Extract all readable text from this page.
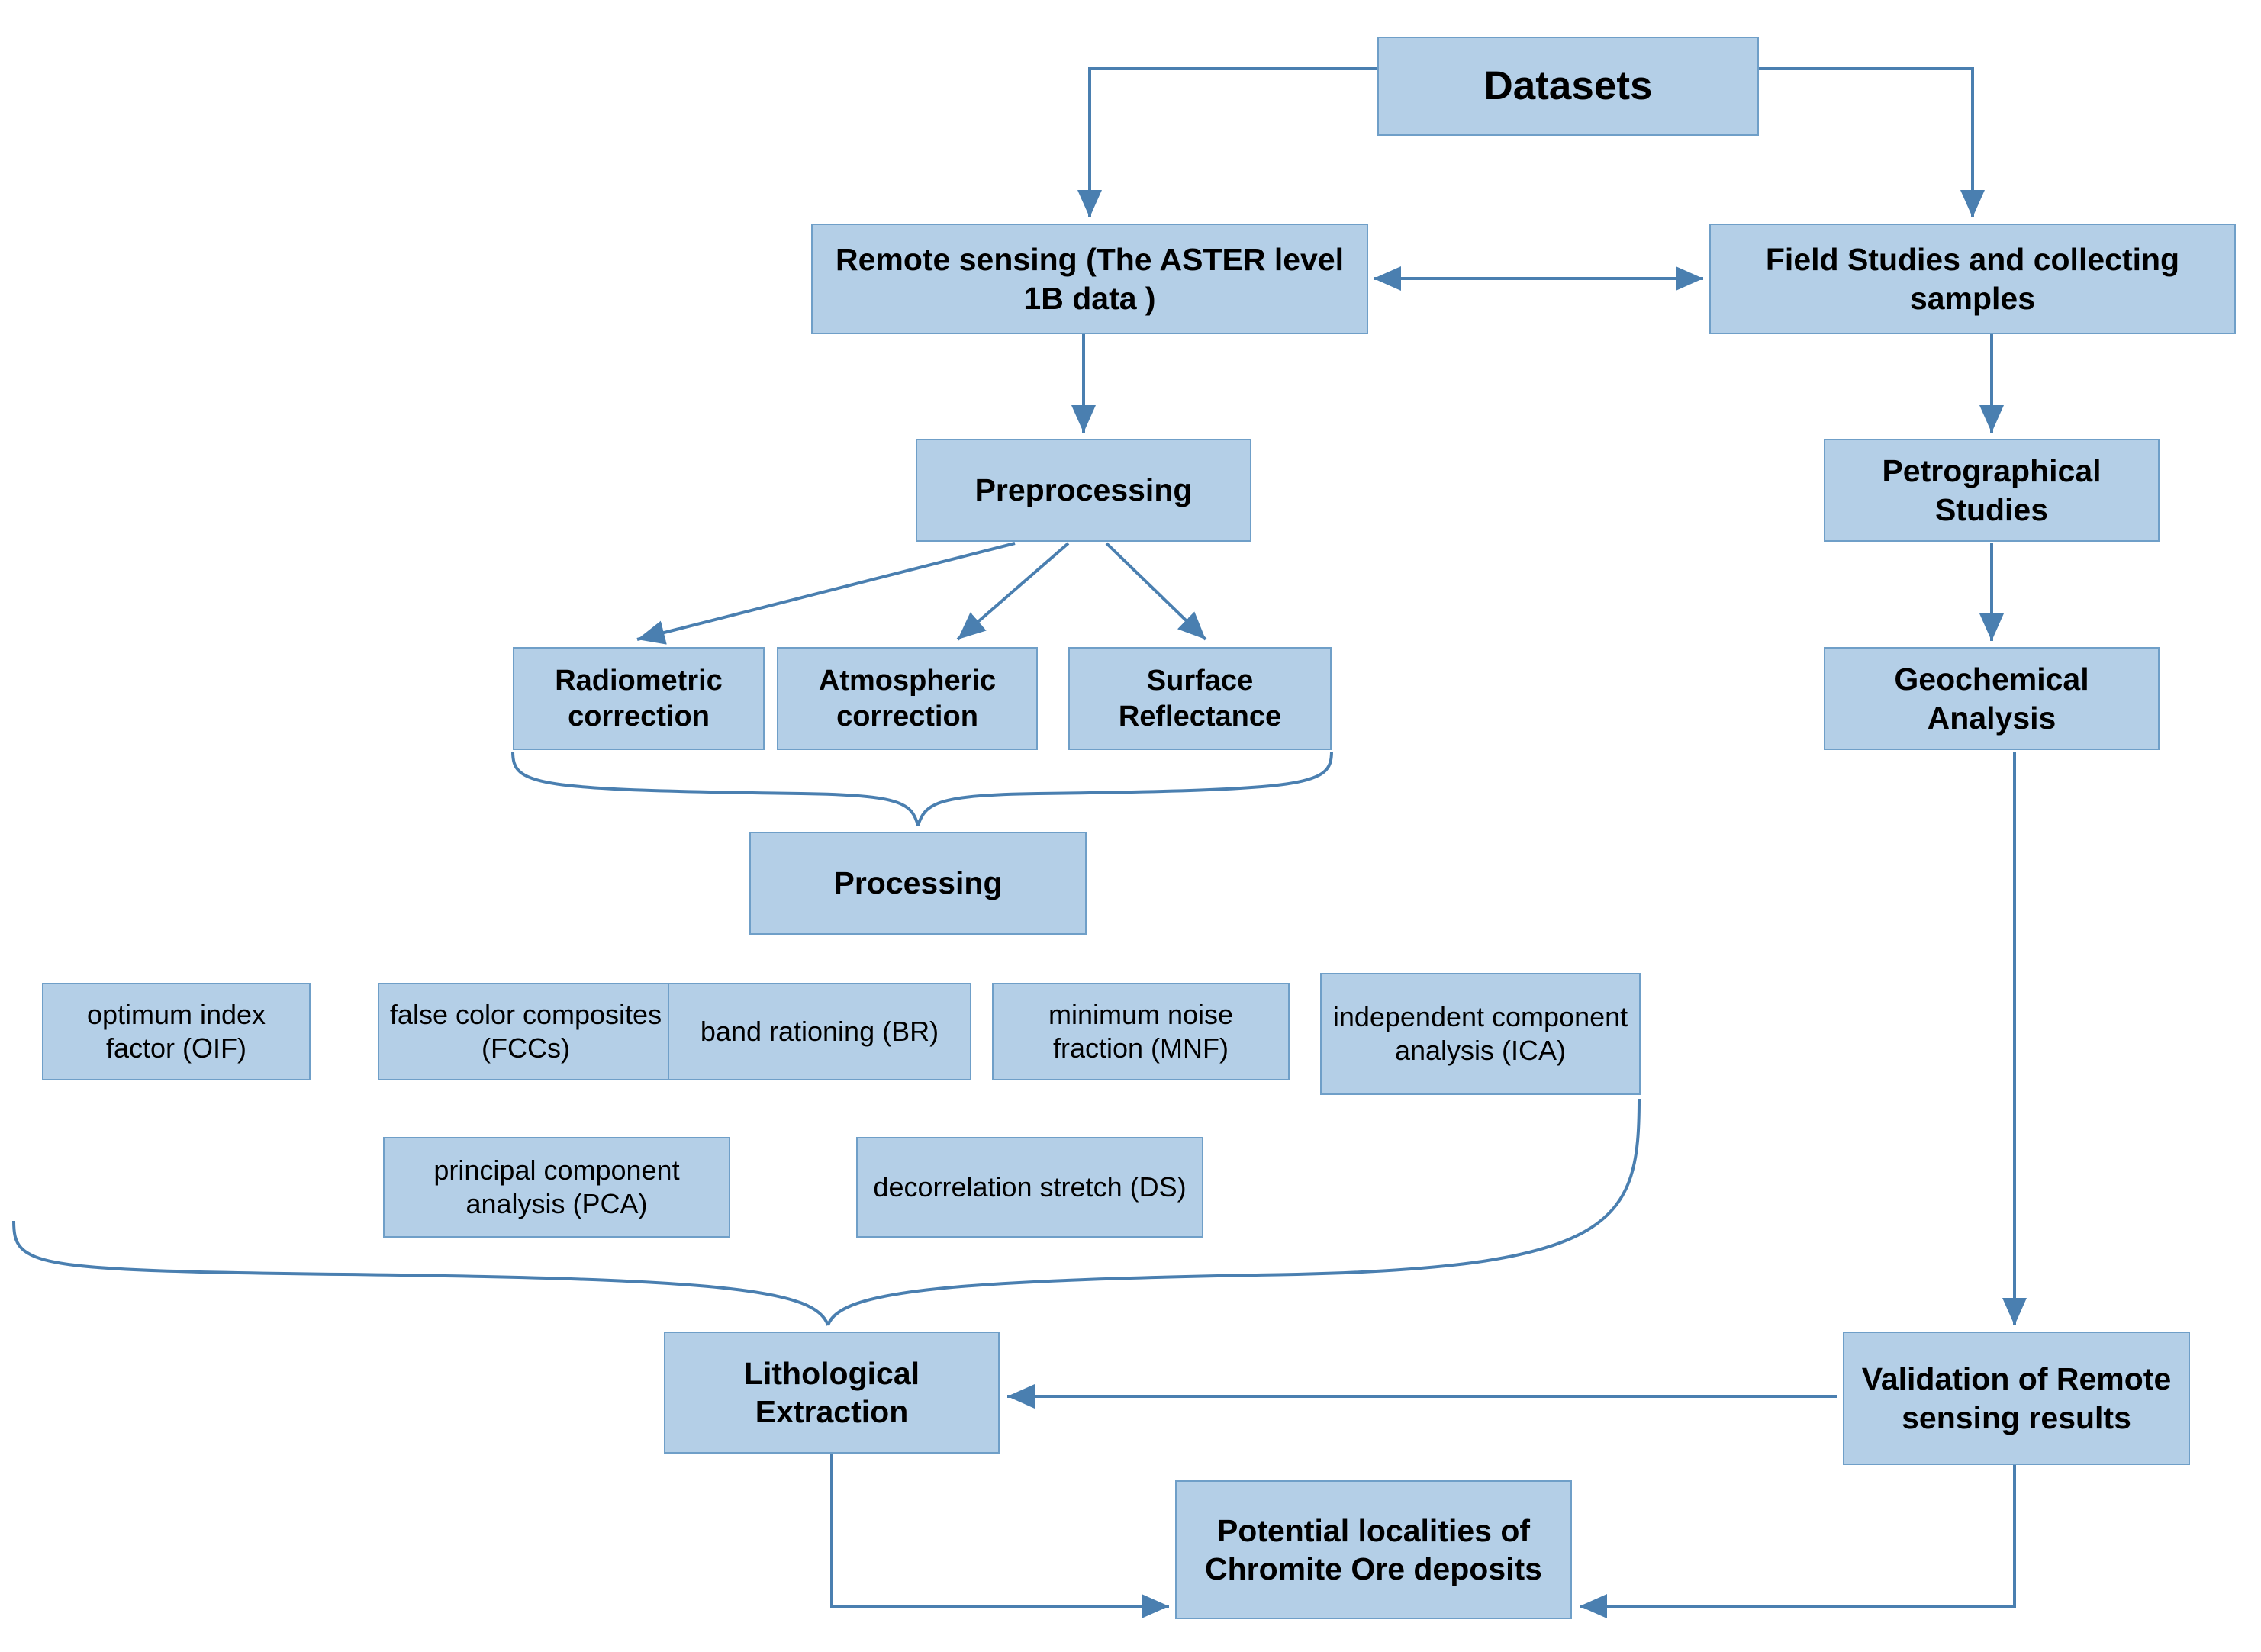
Datasets
Remote sensing (The ASTER level 1B data )
Field Studies and collecting samples
Preprocessing
Petrographical Studies
Radiometric correction
Atmospheric correction
Surface Reflectance
Geochemical Analysis
Processing
optimum index factor (OIF)
false color composites (FCCs)
band rationing (BR)
minimum noise fraction (MNF)
independent component analysis (ICA)
principal component analysis (PCA)
decorrelation stretch (DS)
Lithological Extraction
Validation of Remote sensing results
Potential localities of Chromite Ore deposits
